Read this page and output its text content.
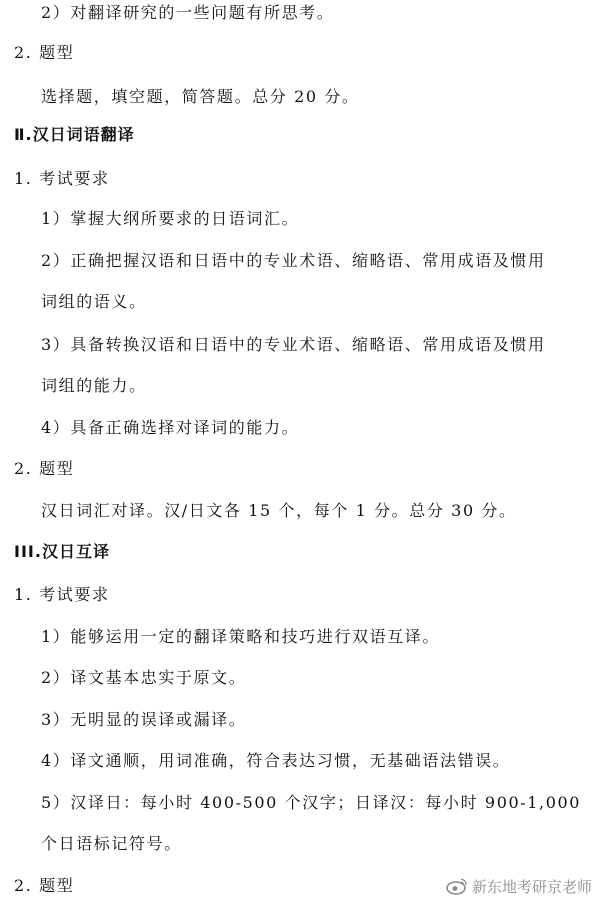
2）对翻译研究的一些问题有所思考。
2. 题型
选择题，填空题，简答题。总分 20 分。
Ⅱ.汉日词语翻译
1. 考试要求
1）掌握大纲所要求的日语词汇。
2）正确把握汉语和日语中的专业术语、缩略语、常用成语及惯用
词组的语义。
3）具备转换汉语和日语中的专业术语、缩略语、常用成语及惯用
词组的能力。
4）具备正确选择对译词的能力。
2. 题型
汉日词汇对译。汉/日文各 15 个，每个 1 分。总分 30 分。
III.汉日互译
1. 考试要求
1）能够运用一定的翻译策略和技巧进行双语互译。
2）译文基本忠实于原文。
3）无明显的误译或漏译。
4）译文通顺，用词准确，符合表达习惯，无基础语法错误。
5）汉译日：每小时 400-500 个汉字；日译汉：每小时 900-1,000
个日语标记符号。
2. 题型	新东地考研京老师
